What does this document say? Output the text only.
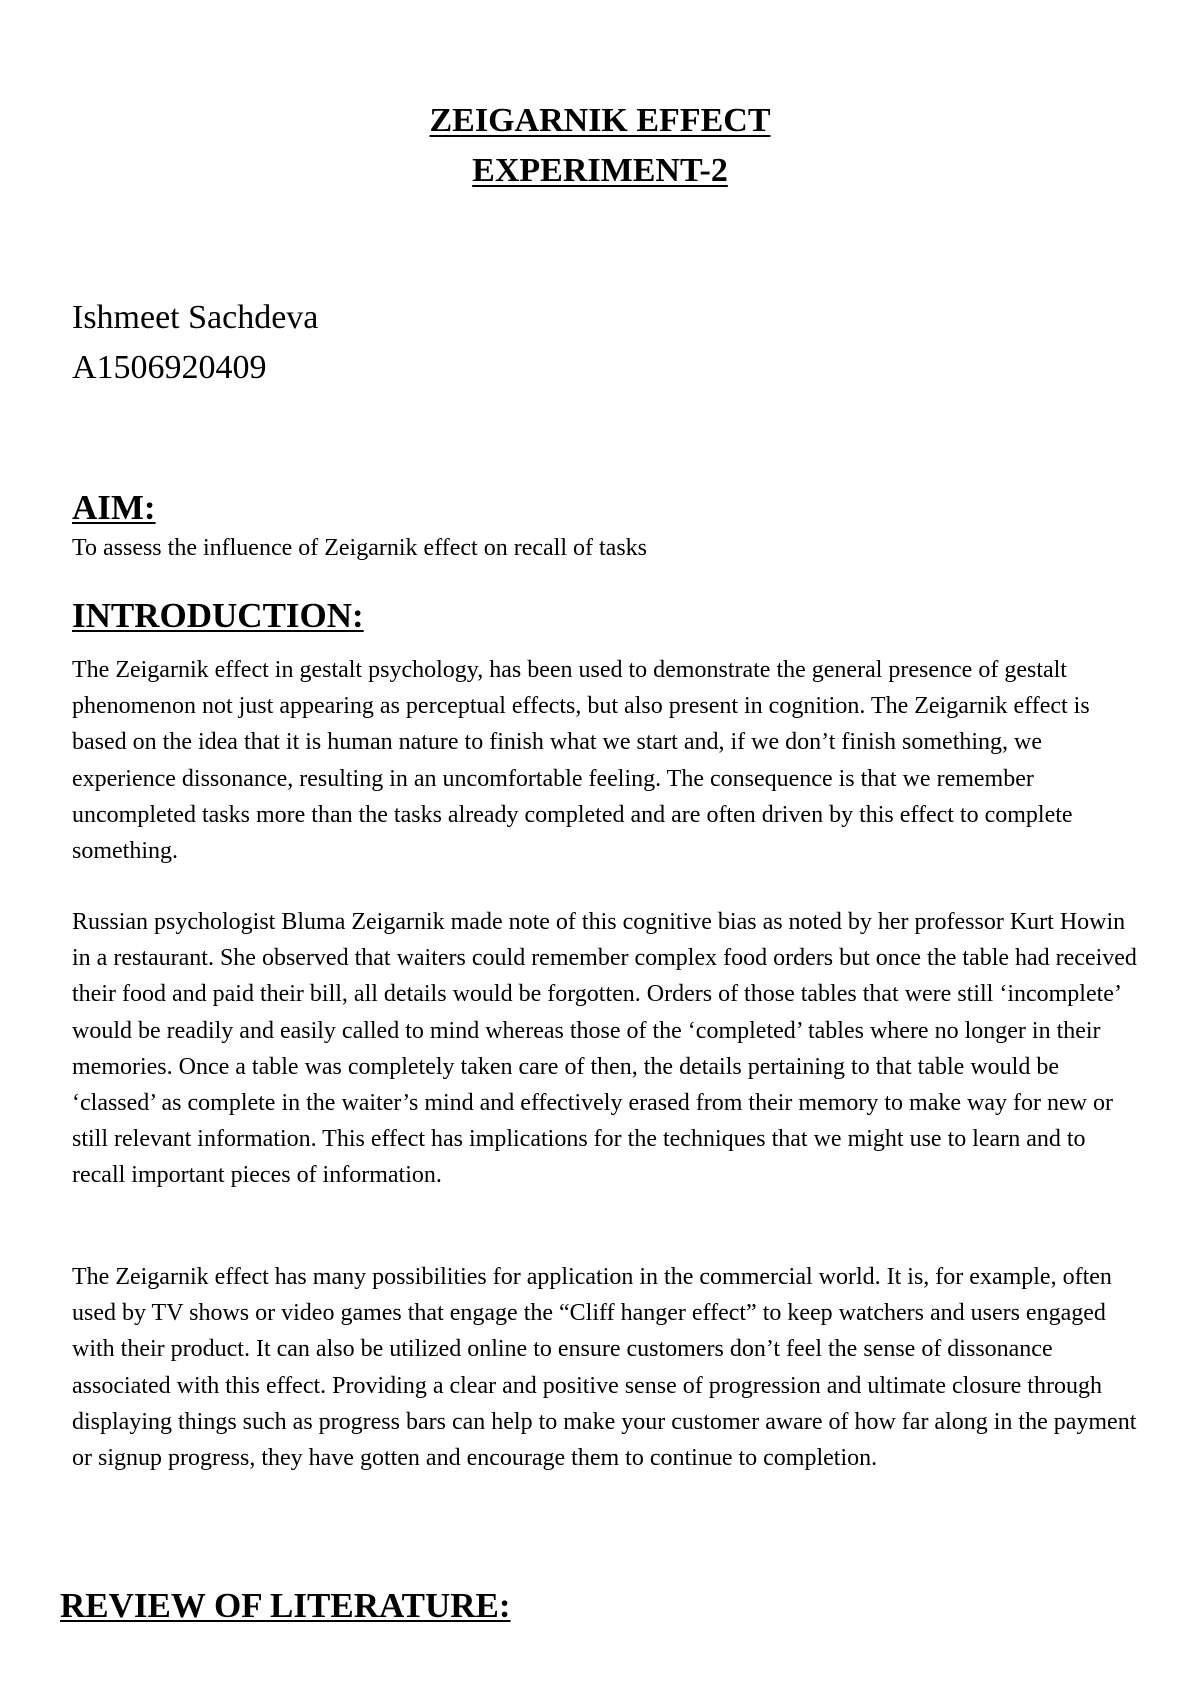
ZEIGARNIK EFFECT

EXPERIMENT-2

Ishmeet Sachdeva

A1506920409

AIM:

To assess the influence of Zeigarnik effect on recall of tasks

INTRODUCTION:

The Zeigarnik effect in gestalt psychology, has been used to demonstrate the general presence of gestalt phenomenon not just appearing as perceptual effects, but also present in cognition. The Zeigarnik effect is based on the idea that it is human nature to finish what we start and, if we don’t finish something, we experience dissonance, resulting in an uncomfortable feeling. The consequence is that we remember uncompleted tasks more than the tasks already completed and are often driven by this effect to complete something.

Russian psychologist Bluma Zeigarnik made note of this cognitive bias as noted by her professor Kurt Howin in a restaurant. She observed that waiters could remember complex food orders but once the table had received their food and paid their bill, all details would be forgotten. Orders of those tables that were still ‘incomplete’ would be readily and easily called to mind whereas those of the ‘completed’ tables where no longer in their memories. Once a table was completely taken care of then, the details pertaining to that table would be ‘classed’ as complete in the waiter’s mind and effectively erased from their memory to make way for new or still relevant information. This effect has implications for the techniques that we might use to learn and to recall important pieces of information.

The Zeigarnik effect has many possibilities for application in the commercial world. It is, for example, often used by TV shows or video games that engage the “Cliff hanger effect” to keep watchers and users engaged with their product. It can also be utilized online to ensure customers don’t feel the sense of dissonance associated with this effect. Providing a clear and positive sense of progression and ultimate closure through displaying things such as progress bars can help to make your customer aware of how far along in the payment or signup progress, they have gotten and encourage them to continue to completion.

REVIEW OF LITERATURE:
